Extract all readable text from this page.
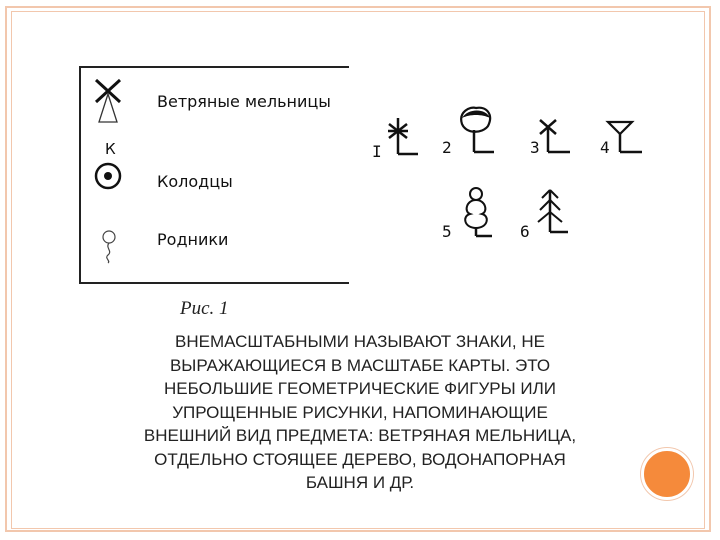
Ветряные мельницы
К
Колодцы
Родники
I	2	3	4
5	6
Рис. 1
ВНЕМАСШТАБНЫМИ НАЗЫВАЮТ ЗНАКИ, НЕ
ВЫРАЖАЮЩИЕСЯ В МАСШТАБЕ КАРТЫ. ЭТО
НЕБОЛЬШИЕ ГЕОМЕТРИЧЕСКИЕ ФИГУРЫ ИЛИ
УПРОЩЕННЫЕ РИСУНКИ, НАПОМИНАЮЩИЕ
ВНЕШНИЙ ВИД ПРЕДМЕТА: ВЕТРЯНАЯ МЕЛЬНИЦА,
ОТДЕЛЬНО СТОЯЩЕЕ ДЕРЕВО, ВОДОНАПОРНАЯ
БАШНЯ И ДР.
